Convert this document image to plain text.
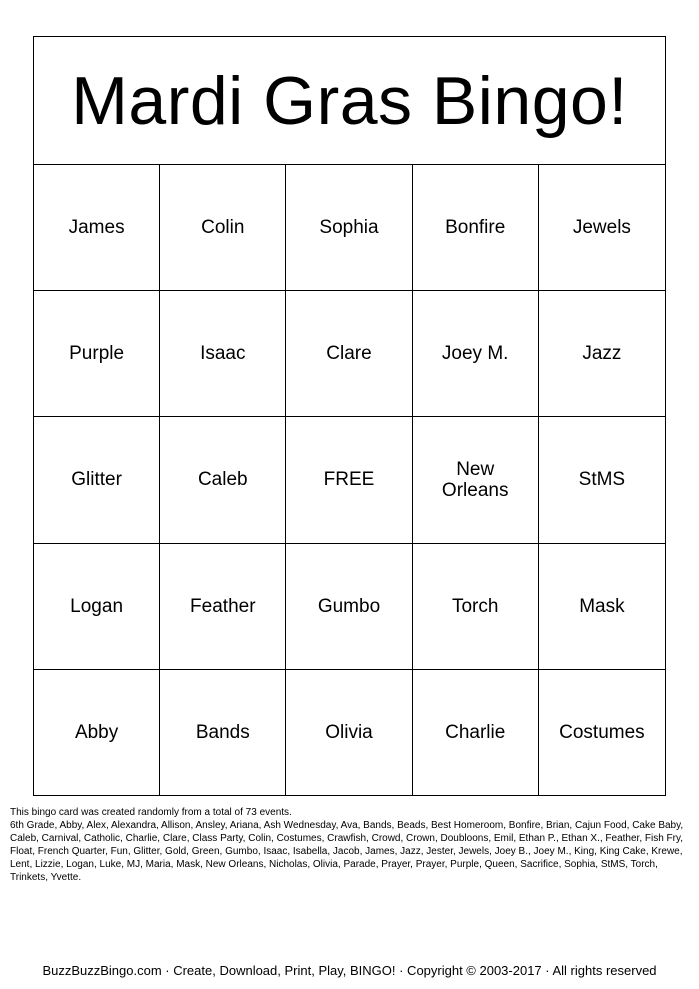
Mardi Gras Bingo!
James	Colin	Sophia	Bonfire	Jewels
Purple	Isaac	Clare	Joey M.	Jazz
Glitter	Caleb	FREE	New Orleans	StMS
Logan	Feather	Gumbo	Torch	Mask
Abby	Bands	Olivia	Charlie	Costumes
This bingo card was created randomly from a total of 73 events.
6th Grade, Abby, Alex, Alexandra, Allison, Ansley, Ariana, Ash Wednesday, Ava, Bands, Beads, Best Homeroom, Bonfire, Brian, Cajun Food, Cake Baby, Caleb, Carnival, Catholic, Charlie, Clare, Class Party, Colin, Costumes, Crawfish, Crowd, Crown, Doubloons, Emil, Ethan P., Ethan X., Feather, Fish Fry, Float, French Quarter, Fun, Glitter, Gold, Green, Gumbo, Isaac, Isabella, Jacob, James, Jazz, Jester, Jewels, Joey B., Joey M., King, King Cake, Krewe, Lent, Lizzie, Logan, Luke, MJ, Maria, Mask, New Orleans, Nicholas, Olivia, Parade, Prayer, Prayer, Purple, Queen, Sacrifice, Sophia, StMS, Torch, Trinkets, Yvette.
BuzzBuzzBingo.com · Create, Download, Print, Play, BINGO! · Copyright © 2003-2017 · All rights reserved
